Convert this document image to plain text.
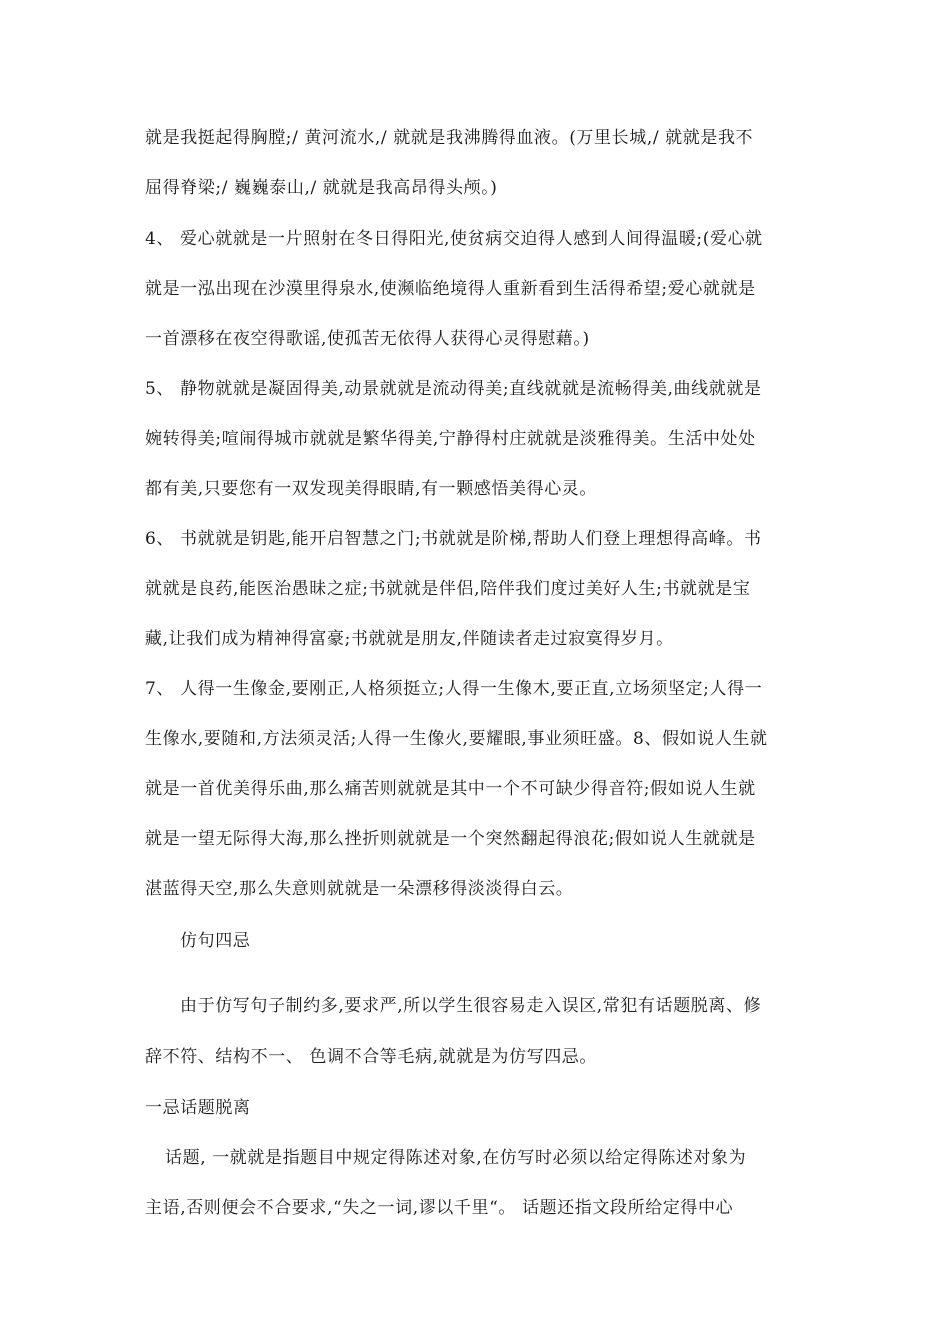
就是我挺起得胸膛;/ 黄河流水,/ 就就是我沸腾得血液。(万里长城,/ 就就是我不
屈得脊梁;/ 巍巍泰山,/ 就就是我高昂得头颅。)
4、 爱心就就是一片照射在冬日得阳光,使贫病交迫得人感到人间得温暖;(爱心就
就是一泓出现在沙漠里得泉水,使濒临绝境得人重新看到生活得希望;爱心就就是
一首漂移在夜空得歌谣,使孤苦无依得人获得心灵得慰藉。)
5、 静物就就是凝固得美,动景就就是流动得美;直线就就是流畅得美,曲线就就是
婉转得美;喧闹得城市就就是繁华得美,宁静得村庄就就是淡雅得美。生活中处处
都有美,只要您有一双发现美得眼睛,有一颗感悟美得心灵。
6、 书就就是钥匙,能开启智慧之门;书就就是阶梯,帮助人们登上理想得高峰。书
就就是良药,能医治愚昧之症;书就就是伴侣,陪伴我们度过美好人生;书就就是宝
藏,让我们成为精神得富豪;书就就是朋友,伴随读者走过寂寞得岁月。
7、 人得一生像金,要刚正,人格须挺立;人得一生像木,要正直,立场须坚定;人得一
生像水,要随和,方法须灵活;人得一生像火,要耀眼,事业须旺盛。8、假如说人生就
就是一首优美得乐曲,那么痛苦则就就是其中一个不可缺少得音符;假如说人生就
就是一望无际得大海,那么挫折则就就是一个突然翻起得浪花;假如说人生就就是
湛蓝得天空,那么失意则就就是一朵漂移得淡淡得白云。
仿句四忌
由于仿写句子制约多,要求严,所以学生很容易走入误区,常犯有话题脱离、修
辞不符、结构不一、 色调不合等毛病,就就是为仿写四忌。
一忌话题脱离
话题, 一就就是指题目中规定得陈述对象,在仿写时必须以给定得陈述对象为
主语,否则便会不合要求,“失之一词,谬以千里“。 话题还指文段所给定得中心
